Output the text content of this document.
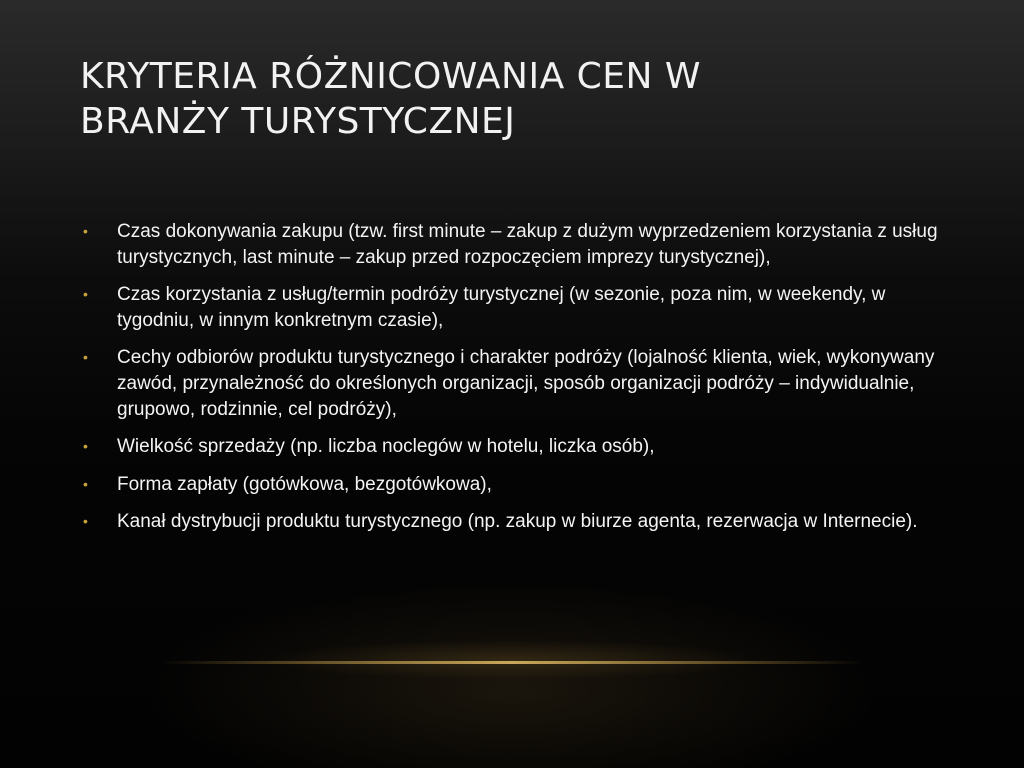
KRYTERIA RÓŻNICOWANIA CEN W
BRANŻY TURYSTYCZNEJ
• Czas dokonywania zakupu (tzw. first minute – zakup z dużym wyprzedzeniem korzystania z usług turystycznych, last minute – zakup przed rozpoczęciem imprezy turystycznej),
• Czas korzystania z usług/termin podróży turystycznej (w sezonie, poza nim, w weekendy, w tygodniu, w innym konkretnym czasie),
• Cechy odbiorów produktu turystycznego i charakter podróży (lojalność klienta, wiek, wykonywany zawód, przynależność do określonych organizacji, sposób organizacji podróży – indywidualnie, grupowo, rodzinnie, cel podróży),
• Wielkość sprzedaży (np. liczba noclegów w hotelu, liczka osób),
• Forma zapłaty (gotówkowa, bezgotówkowa),
• Kanał dystrybucji produktu turystycznego (np. zakup w biurze agenta, rezerwacja w Internecie).
